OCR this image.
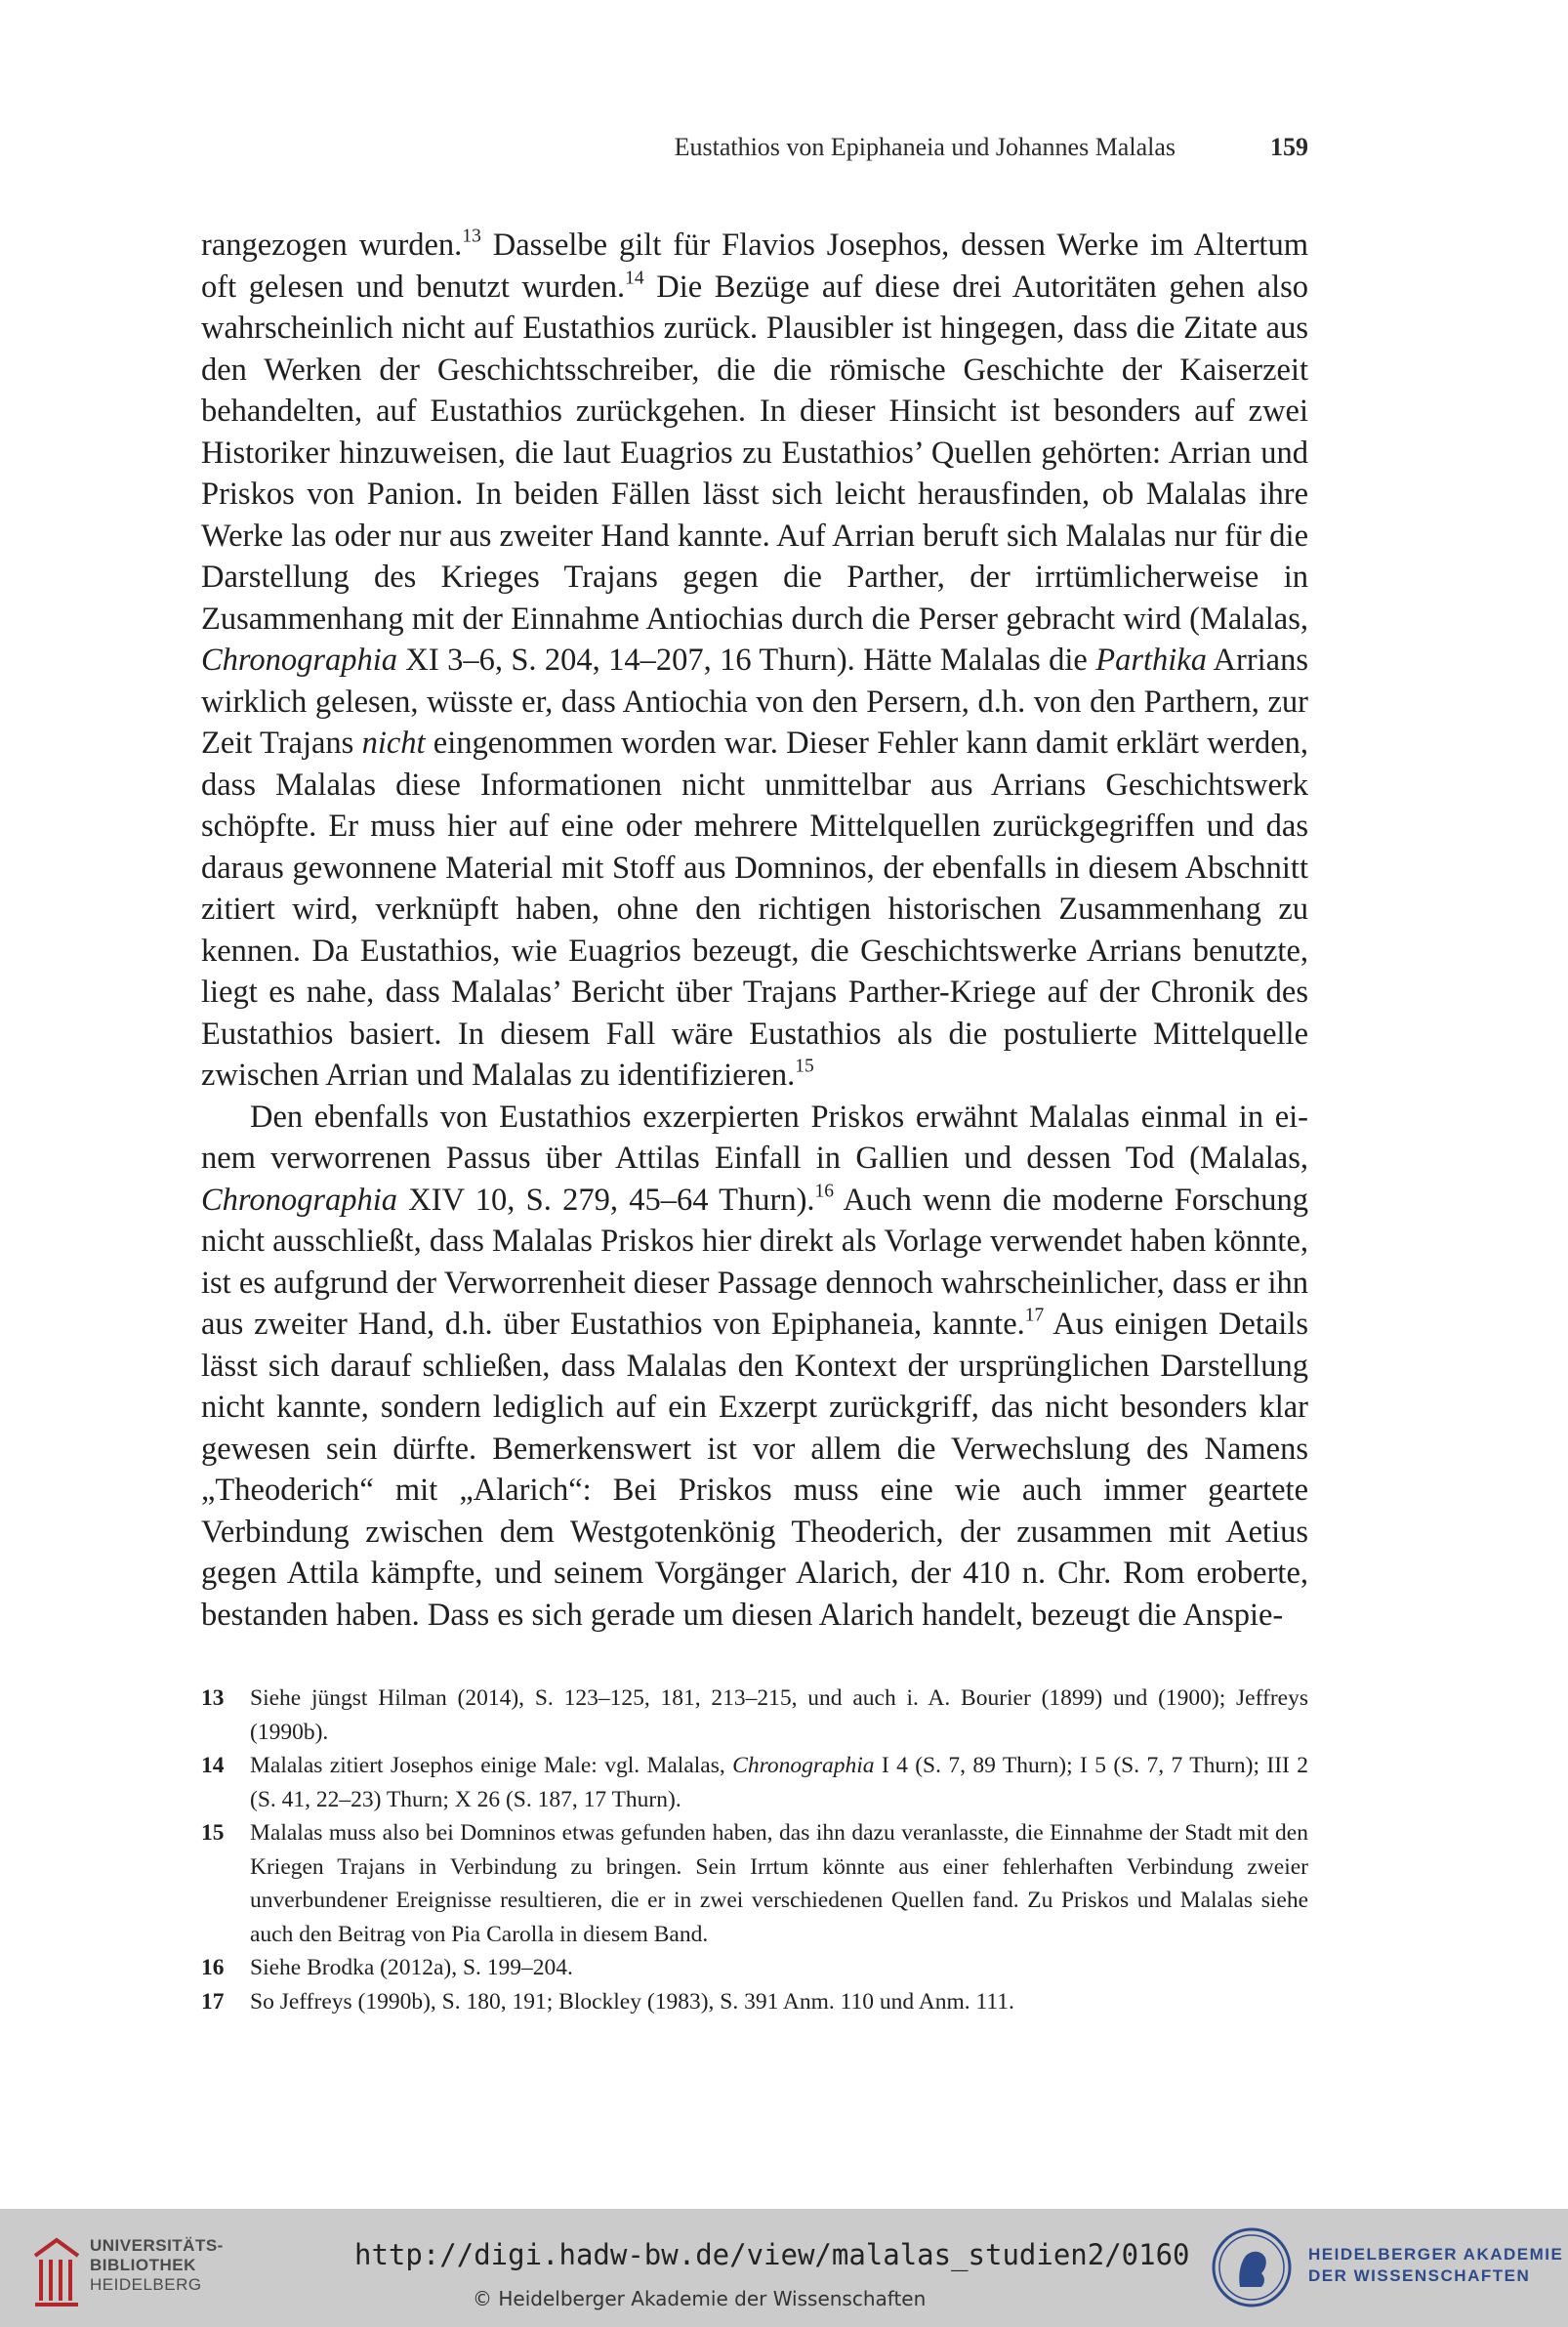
Eustathios von Epiphaneia und Johannes Malalas	159

rangezogen wurden.$^{13}$ Dasselbe gilt für Flavios Josephos, dessen Werke im Altertum oft gelesen und benutzt wurden.$^{14}$ Die Bezüge auf diese drei Autoritäten gehen also wahrscheinlich nicht auf Eustathios zurück. Plausibler ist hingegen, dass die Zitate aus den Werken der Geschichtsschreiber, die die römische Geschichte der Kaiserzeit behandelten, auf Eustathios zurückgehen. In dieser Hinsicht ist besonders auf zwei Historiker hinzuweisen, die laut Euagrios zu Eustathios’ Quellen gehörten: Arrian und Priskos von Panion. In beiden Fällen lässt sich leicht herausfinden, ob Malalas ihre Werke las oder nur aus zweiter Hand kannte. Auf Arrian beruft sich Malalas nur für die Darstellung des Krieges Trajans gegen die Parther, der irrtümlicherweise in Zusammenhang mit der Einnahme Antiochias durch die Perser gebracht wird (Malalas, Chronographia XI 3–6, S. 204, 14–207, 16 Thurn). Hätte Malalas die Parthika Arrians wirklich gelesen, wüsste er, dass Antiochia von den Persern, d.h. von den Parthern, zur Zeit Trajans nicht eingenommen worden war. Dieser Fehler kann damit erklärt werden, dass Malalas diese Informationen nicht unmittelbar aus Arrians Geschichtswerk schöpfte. Er muss hier auf eine oder mehrere Mittelquellen zurückgegriffen und das daraus gewonnene Material mit Stoff aus Domninos, der ebenfalls in diesem Abschnitt zitiert wird, verknüpft haben, ohne den richtigen historischen Zusammenhang zu kennen. Da Eustathios, wie Euagrios bezeugt, die Geschichtswerke Arrians benutzte, liegt es nahe, dass Malalas’ Bericht über Trajans Parther-Kriege auf der Chronik des Eustathios basiert. In diesem Fall wäre Eustathios als die postulierte Mittelquelle zwischen Arrian und Malalas zu identifizieren.$^{15}$

Den ebenfalls von Eustathios exzerpierten Priskos erwähnt Malalas einmal in einem verworrenen Passus über Attilas Einfall in Gallien und dessen Tod (Malalas, Chronographia XIV 10, S. 279, 45–64 Thurn).$^{16}$ Auch wenn die moderne Forschung nicht ausschließt, dass Malalas Priskos hier direkt als Vorlage verwendet haben könnte, ist es aufgrund der Verworrenheit dieser Passage dennoch wahrscheinlicher, dass er ihn aus zweiter Hand, d.h. über Eustathios von Epiphaneia, kannte.$^{17}$ Aus einigen Details lässt sich darauf schließen, dass Malalas den Kontext der ursprünglichen Darstellung nicht kannte, sondern lediglich auf ein Exzerpt zurückgriff, das nicht besonders klar gewesen sein dürfte. Bemerkenswert ist vor allem die Verwechslung des Namens „Theoderich“ mit „Alarich“: Bei Priskos muss eine wie auch immer geartete Verbindung zwischen dem Westgotenkönig Theoderich, der zusammen mit Aetius gegen Attila kämpfte, und seinem Vorgänger Alarich, der 410 n. Chr. Rom eroberte, bestanden haben. Dass es sich gerade um diesen Alarich handelt, bezeugt die Anspie-

13	Siehe jüngst Hilman (2014), S. 123–125, 181, 213–215, und auch i. A. Bourier (1899) und (1900); Jeffreys (1990b).
14	Malalas zitiert Josephos einige Male: vgl. Malalas, Chronographia I 4 (S. 7, 89 Thurn); I 5 (S. 7, 7 Thurn); III 2 (S. 41, 22–23) Thurn; X 26 (S. 187, 17 Thurn).
15	Malalas muss also bei Domninos etwas gefunden haben, das ihn dazu veranlasste, die Einnahme der Stadt mit den Kriegen Trajans in Verbindung zu bringen. Sein Irrtum könnte aus einer fehlerhaften Verbindung zweier unverbundener Ereignisse resultieren, die er in zwei verschiedenen Quellen fand. Zu Priskos und Malalas siehe auch den Beitrag von Pia Carolla in diesem Band.
16	Siehe Brodka (2012a), S. 199–204.
17	So Jeffreys (1990b), S. 180, 191; Blockley (1983), S. 391 Anm. 110 und Anm. 111.
UNIVERSITÄTS-
BIBLIOTHEK
HEIDELBERG
http://digi.hadw-bw.de/view/malalas_studien2/0160
© Heidelberger Akademie der Wissenschaften
HEIDELBERGER AKADEMIE
DER WISSENSCHAFTEN
